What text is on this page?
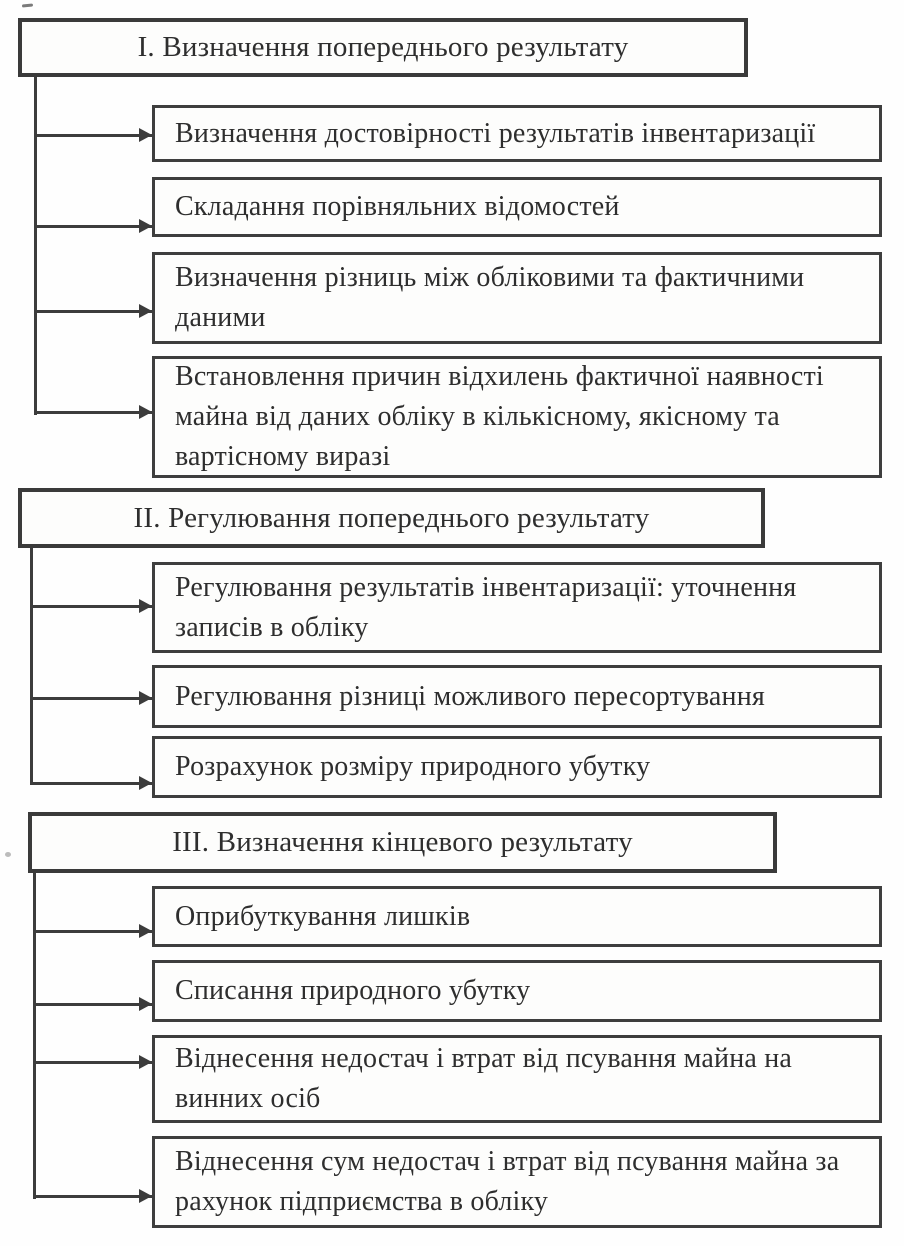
І. Визначення попереднього результату
Визначення достовірності результатів інвентаризації
Складання порівняльних відомостей
Визначення різниць між обліковими та фактичними даними
Встановлення причин відхилень фактичної наявності майна від даних обліку в кількісному, якісному та вартісному виразі
ІІ. Регулювання попереднього результату
Регулювання результатів інвентаризації: уточнення записів в обліку
Регулювання різниці можливого пересортування
Розрахунок розміру природного убутку
ІІІ. Визначення кінцевого результату
Оприбуткування лишків
Списання природного убутку
Віднесення недостач і втрат від псування майна на винних осіб
Віднесення сум недостач і втрат від псування майна за рахунок підприємства в обліку
